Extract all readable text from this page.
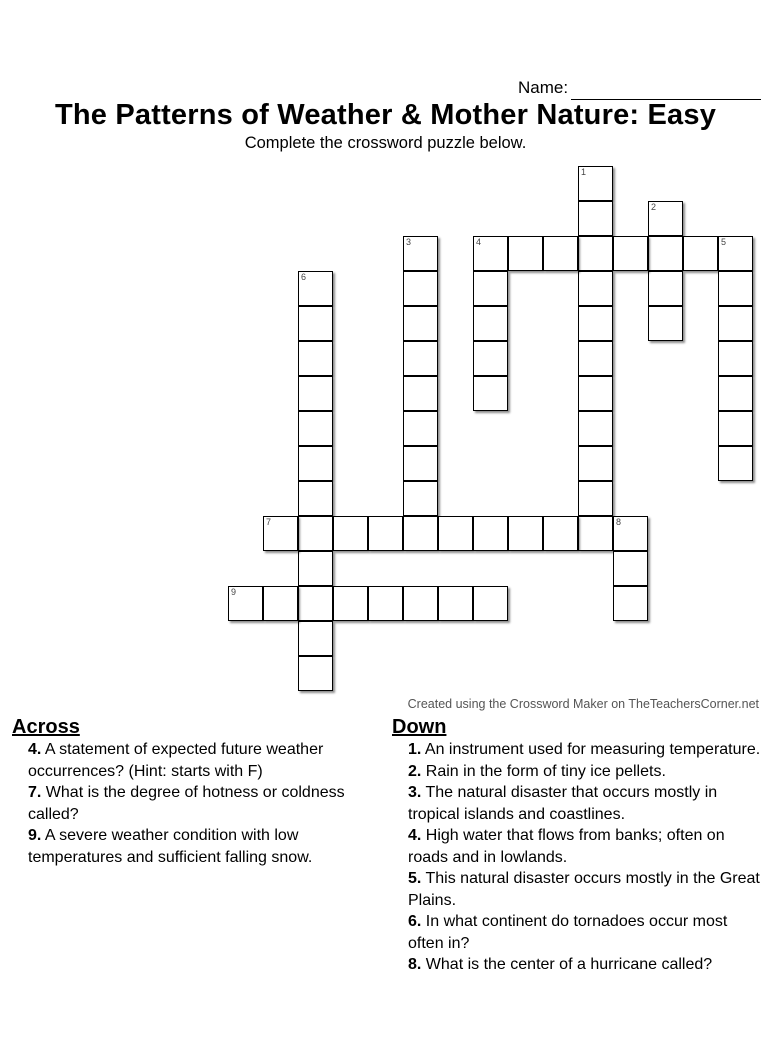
Name:
The Patterns of Weather & Mother Nature: Easy
Complete the crossword puzzle below.
1
2
3	4	5
6
7	8
9
Created using the Crossword Maker on TheTeachersCorner.net
Across
4. A statement of expected future weather occurrences? (Hint: starts with F)
7. What is the degree of hotness or coldness called?
9. A severe weather condition with low temperatures and sufficient falling snow.
Down
1. An instrument used for measuring temperature.
2. Rain in the form of tiny ice pellets.
3. The natural disaster that occurs mostly in tropical islands and coastlines.
4. High water that flows from banks; often on roads and in lowlands.
5. This natural disaster occurs mostly in the Great Plains.
6. In what continent do tornadoes occur most often in?
8. What is the center of a hurricane called?
